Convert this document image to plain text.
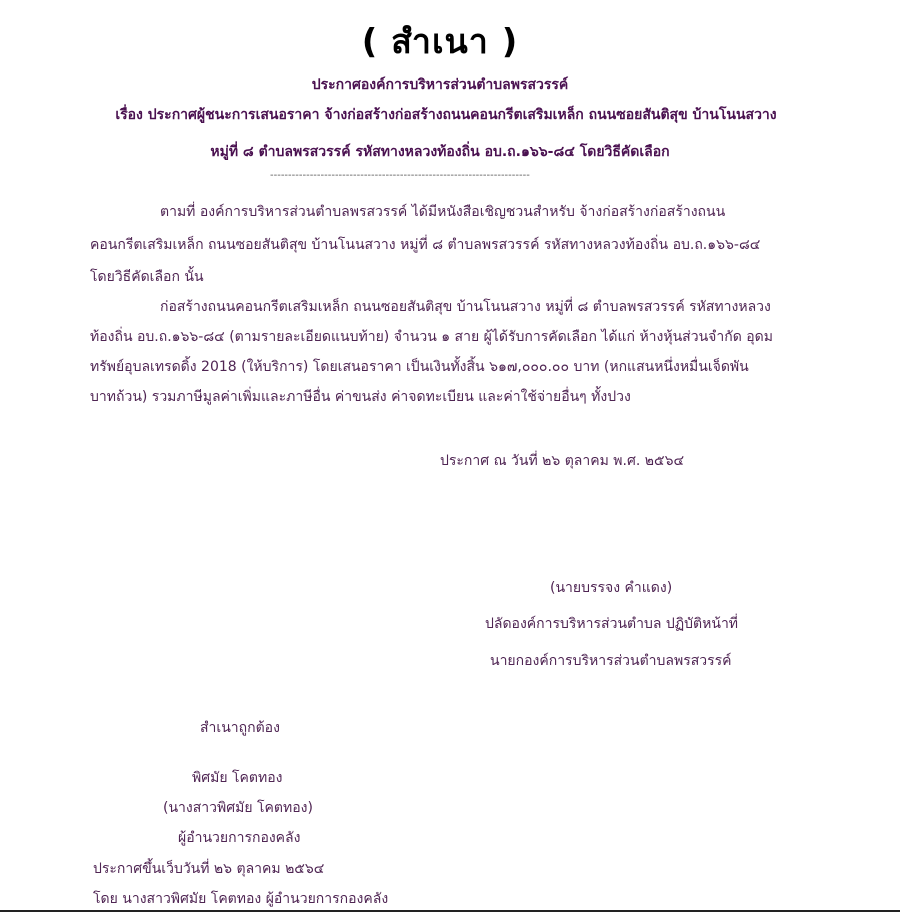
( สำเนา )
ประกาศองค์การบริหารส่วนตำบลพรสวรรค์
เรื่อง ประกาศผู้ชนะการเสนอราคา จ้างก่อสร้างก่อสร้างถนนคอนกรีตเสริมเหล็ก ถนนซอยสันติสุข บ้านโนนสวาง
หมู่ที่ ๘ ตำบลพรสวรรค์ รหัสทางหลวงท้องถิ่น อบ.ถ.๑๖๖-๘๔ โดยวิธีคัดเลือก
------------------------------------------------------------------------
ตามที่ องค์การบริหารส่วนตำบลพรสวรรค์ ได้มีหนังสือเชิญชวนสำหรับ จ้างก่อสร้างก่อสร้างถนน
คอนกรีตเสริมเหล็ก ถนนซอยสันติสุข บ้านโนนสวาง หมู่ที่ ๘ ตำบลพรสวรรค์ รหัสทางหลวงท้องถิ่น อบ.ถ.๑๖๖-๘๔
โดยวิธีคัดเลือก นั้น
ก่อสร้างถนนคอนกรีตเสริมเหล็ก ถนนซอยสันติสุข บ้านโนนสวาง หมู่ที่ ๘ ตำบลพรสวรรค์ รหัสทางหลวง
ท้องถิ่น อบ.ถ.๑๖๖-๘๔ (ตามรายละเอียดแนบท้าย) จำนวน ๑ สาย ผู้ได้รับการคัดเลือก ได้แก่ ห้างหุ้นส่วนจำกัด อุดม
ทรัพย์อุบลเทรดดิ้ง 2018 (ให้บริการ) โดยเสนอราคา เป็นเงินทั้งสิ้น ๖๑๗,๐๐๐.๐๐ บาท (หกแสนหนึ่งหมื่นเจ็ดพัน
บาทถ้วน) รวมภาษีมูลค่าเพิ่มและภาษีอื่น ค่าขนส่ง ค่าจดทะเบียน และค่าใช้จ่ายอื่นๆ ทั้งปวง
ประกาศ ณ วันที่ ๒๖ ตุลาคม พ.ศ. ๒๕๖๔
(นายบรรจง คำแดง)
ปลัดองค์การบริหารส่วนตำบล ปฏิบัติหน้าที่
นายกองค์การบริหารส่วนตำบลพรสวรรค์
สำเนาถูกต้อง
พิศมัย โคตทอง
(นางสาวพิศมัย โคตทอง)
ผู้อำนวยการกองคลัง
ประกาศขึ้นเว็บวันที่ ๒๖ ตุลาคม ๒๕๖๔
โดย นางสาวพิศมัย โคตทอง ผู้อำนวยการกองคลัง
